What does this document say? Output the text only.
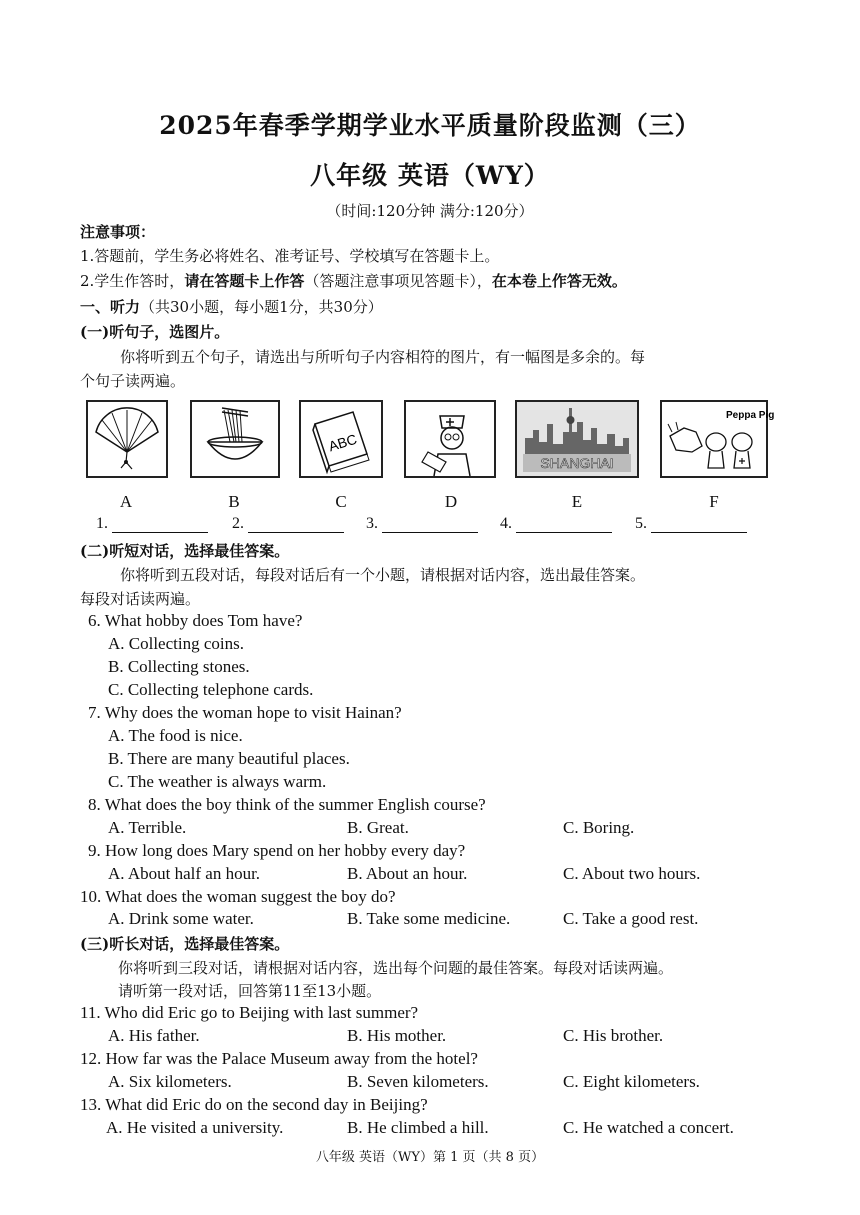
2025年春季学期学业水平质量阶段监测（三）
八年级 英语（WY）
（时间:120分钟 满分:120分）
注意事项：
1.答题前，学生务必将姓名、准考证号、学校填写在答题卡上。
2.学生作答时，请在答题卡上作答（答题注意事项见答题卡），在本卷上作答无效。
一、听力（共30小题，每小题1分，共30分）
(一)听句子，选图片。
你将听到五个句子，请选出与所听句子内容相符的图片，有一幅图是多余的。每
个句子读两遍。
ABC
SHANGHAI
Peppa Pig
A	B	C	D	E	F
1.	2.	3.	4.	5.
(二)听短对话，选择最佳答案。
你将听到五段对话，每段对话后有一个小题，请根据对话内容，选出最佳答案。
每段对话读两遍。
6. What hobby does Tom have?
A. Collecting coins.
B. Collecting stones.
C. Collecting telephone cards.
7. Why does the woman hope to visit Hainan?
A. The food is nice.
B. There are many beautiful places.
C. The weather is always warm.
8. What does the boy think of the summer English course?
A. Terrible.	B. Great.	C. Boring.
9. How long does Mary spend on her hobby every day?
A. About half an hour.	B. About an hour.	C. About two hours.
10. What does the woman suggest the boy do?
A. Drink some water.	B. Take some medicine.	C. Take a good rest.
(三)听长对话，选择最佳答案。
你将听到三段对话，请根据对话内容，选出每个问题的最佳答案。每段对话读两遍。
请听第一段对话，回答第11至13小题。
11. Who did Eric go to Beijing with last summer?
A. His father.	B. His mother.	C. His brother.
12. How far was the Palace Museum away from the hotel?
A. Six kilometers.	B. Seven kilometers.	C. Eight kilometers.
13. What did Eric do on the second day in Beijing?
A. He visited a university.	B. He climbed a hill.	C. He watched a concert.
八年级 英语（WY）第 1 页（共 8 页）
